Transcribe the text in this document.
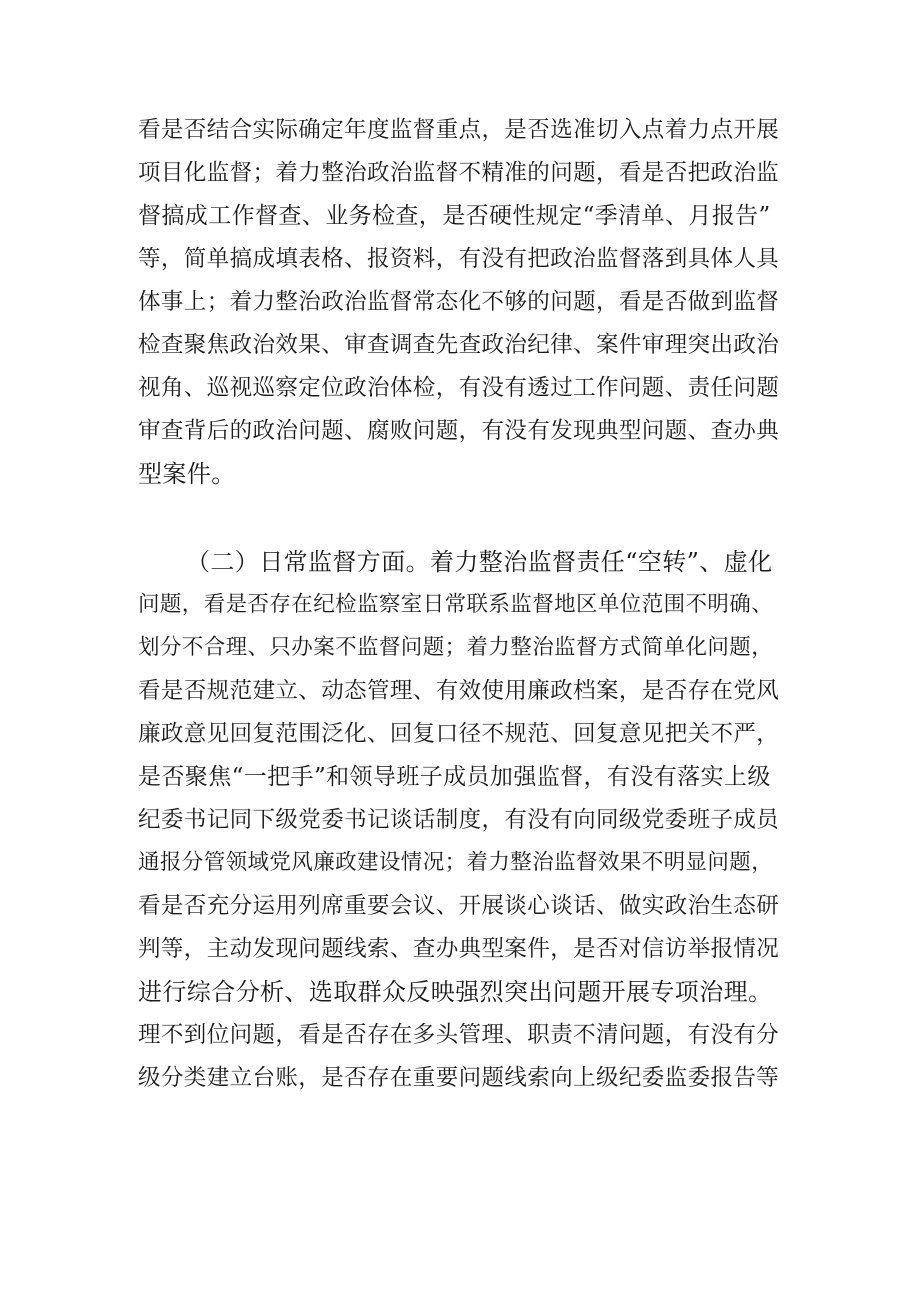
看是否结合实际确定年度监督重点，是否选准切入点着力点开展
项目化监督；着力整治政治监督不精准的问题，看是否把政治监
督搞成工作督查、业务检查，是否硬性规定“季清单、月报告”
等，简单搞成填表格、报资料，有没有把政治监督落到具体人具
体事上；着力整治政治监督常态化不够的问题，看是否做到监督
检查聚焦政治效果、审查调查先查政治纪律、案件审理突出政治
视角、巡视巡察定位政治体检，有没有透过工作问题、责任问题
审查背后的政治问题、腐败问题，有没有发现典型问题、查办典
型案件。
（二）日常监督方面。着力整治监督责任“空转”、虚化
问题，看是否存在纪检监察室日常联系监督地区单位范围不明确、
划分不合理、只办案不监督问题；着力整治监督方式简单化问题，
看是否规范建立、动态管理、有效使用廉政档案，是否存在党风
廉政意见回复范围泛化、回复口径不规范、回复意见把关不严，
是否聚焦“一把手”和领导班子成员加强监督，有没有落实上级
纪委书记同下级党委书记谈话制度，有没有向同级党委班子成员
通报分管领域党风廉政建设情况；着力整治监督效果不明显问题，
看是否充分运用列席重要会议、开展谈心谈话、做实政治生态研
判等，主动发现问题线索、查办典型案件，是否对信访举报情况
进行综合分析、选取群众反映强烈突出问题开展专项治理。
理不到位问题，看是否存在多头管理、职责不清问题，有没有分
级分类建立台账，是否存在重要问题线索向上级纪委监委报告等
